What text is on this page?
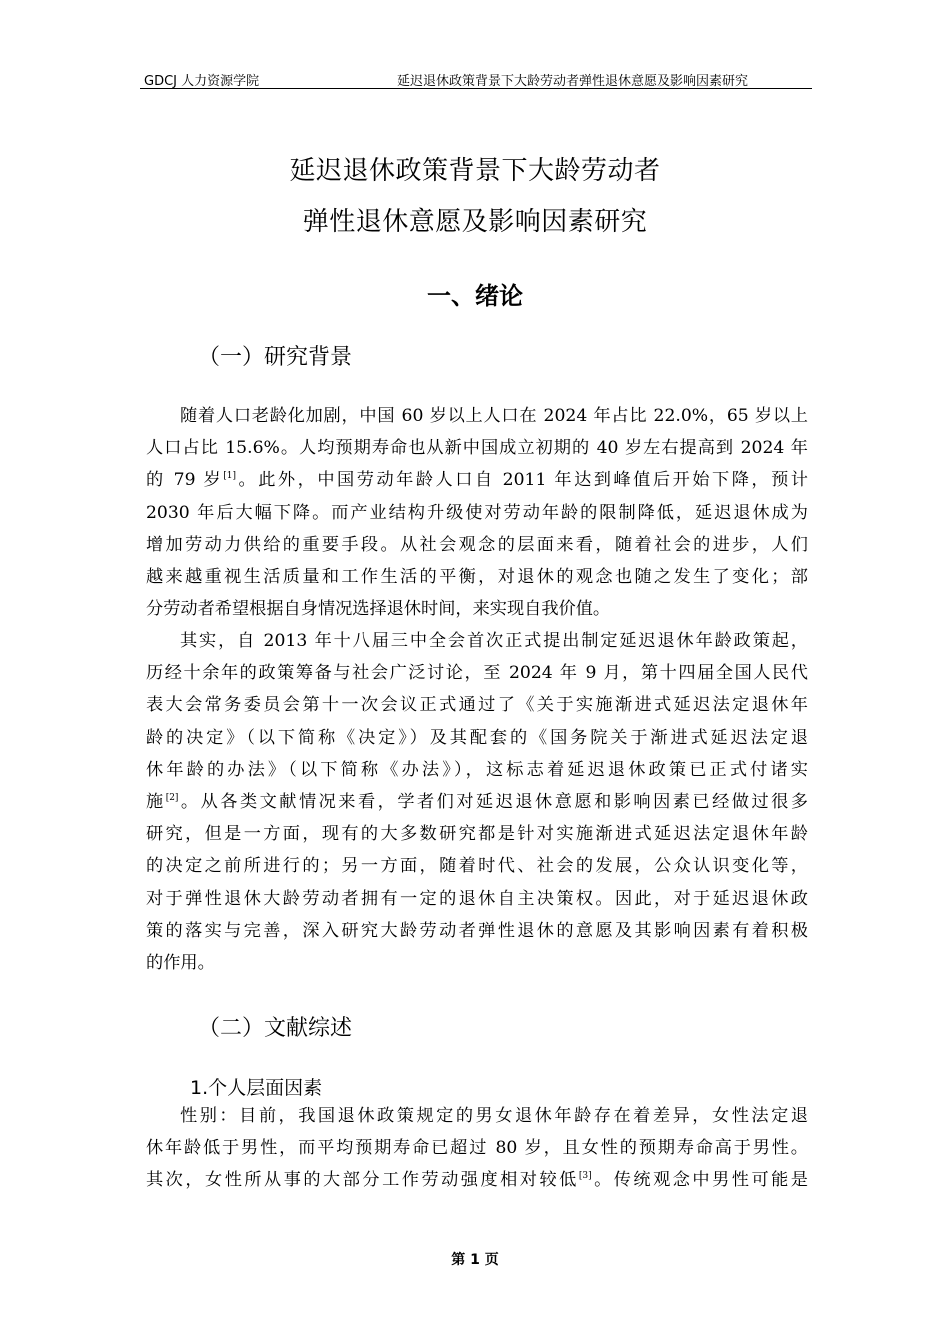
GDCJ 人力资源学院	延迟退休政策背景下大龄劳动者弹性退休意愿及影响因素研究
延迟退休政策背景下大龄劳动者
弹性退休意愿及影响因素研究
一、绪论
（一）研究背景
随着人口老龄化加剧，中国 60 岁以上人口在 2024 年占比 22.0%，65 岁以上
人口占比 15.6%。人均预期寿命也从新中国成立初期的 40 岁左右提高到 2024 年
的 79 岁[1]。此外，中国劳动年龄人口自 2011 年达到峰值后开始下降，预计
2030 年后大幅下降。而产业结构升级使对劳动年龄的限制降低，延迟退休成为
增加劳动力供给的重要手段。从社会观念的层面来看，随着社会的进步，人们
越来越重视生活质量和工作生活的平衡，对退休的观念也随之发生了变化；部
分劳动者希望根据自身情况选择退休时间，来实现自我价值。
其实，自 2013 年十八届三中全会首次正式提出制定延迟退休年龄政策起，
历经十余年的政策筹备与社会广泛讨论，至 2024 年 9 月，第十四届全国人民代
表大会常务委员会第十一次会议正式通过了《关于实施渐进式延迟法定退休年
龄的决定》（以下简称《决定》）及其配套的《国务院关于渐进式延迟法定退
休年龄的办法》（以下简称《办法》），这标志着延迟退休政策已正式付诸实
施[2]。从各类文献情况来看，学者们对延迟退休意愿和影响因素已经做过很多
研究，但是一方面，现有的大多数研究都是针对实施渐进式延迟法定退休年龄
的决定之前所进行的；另一方面，随着时代、社会的发展，公众认识变化等，
对于弹性退休大龄劳动者拥有一定的退休自主决策权。因此，对于延迟退休政
策的落实与完善，深入研究大龄劳动者弹性退休的意愿及其影响因素有着积极
的作用。
（二）文献综述
1.个人层面因素
性别：目前，我国退休政策规定的男女退休年龄存在着差异，女性法定退
休年龄低于男性，而平均预期寿命已超过 80 岁，且女性的预期寿命高于男性。
其次，女性所从事的大部分工作劳动强度相对较低[3]。传统观念中男性可能是
第 1 页
